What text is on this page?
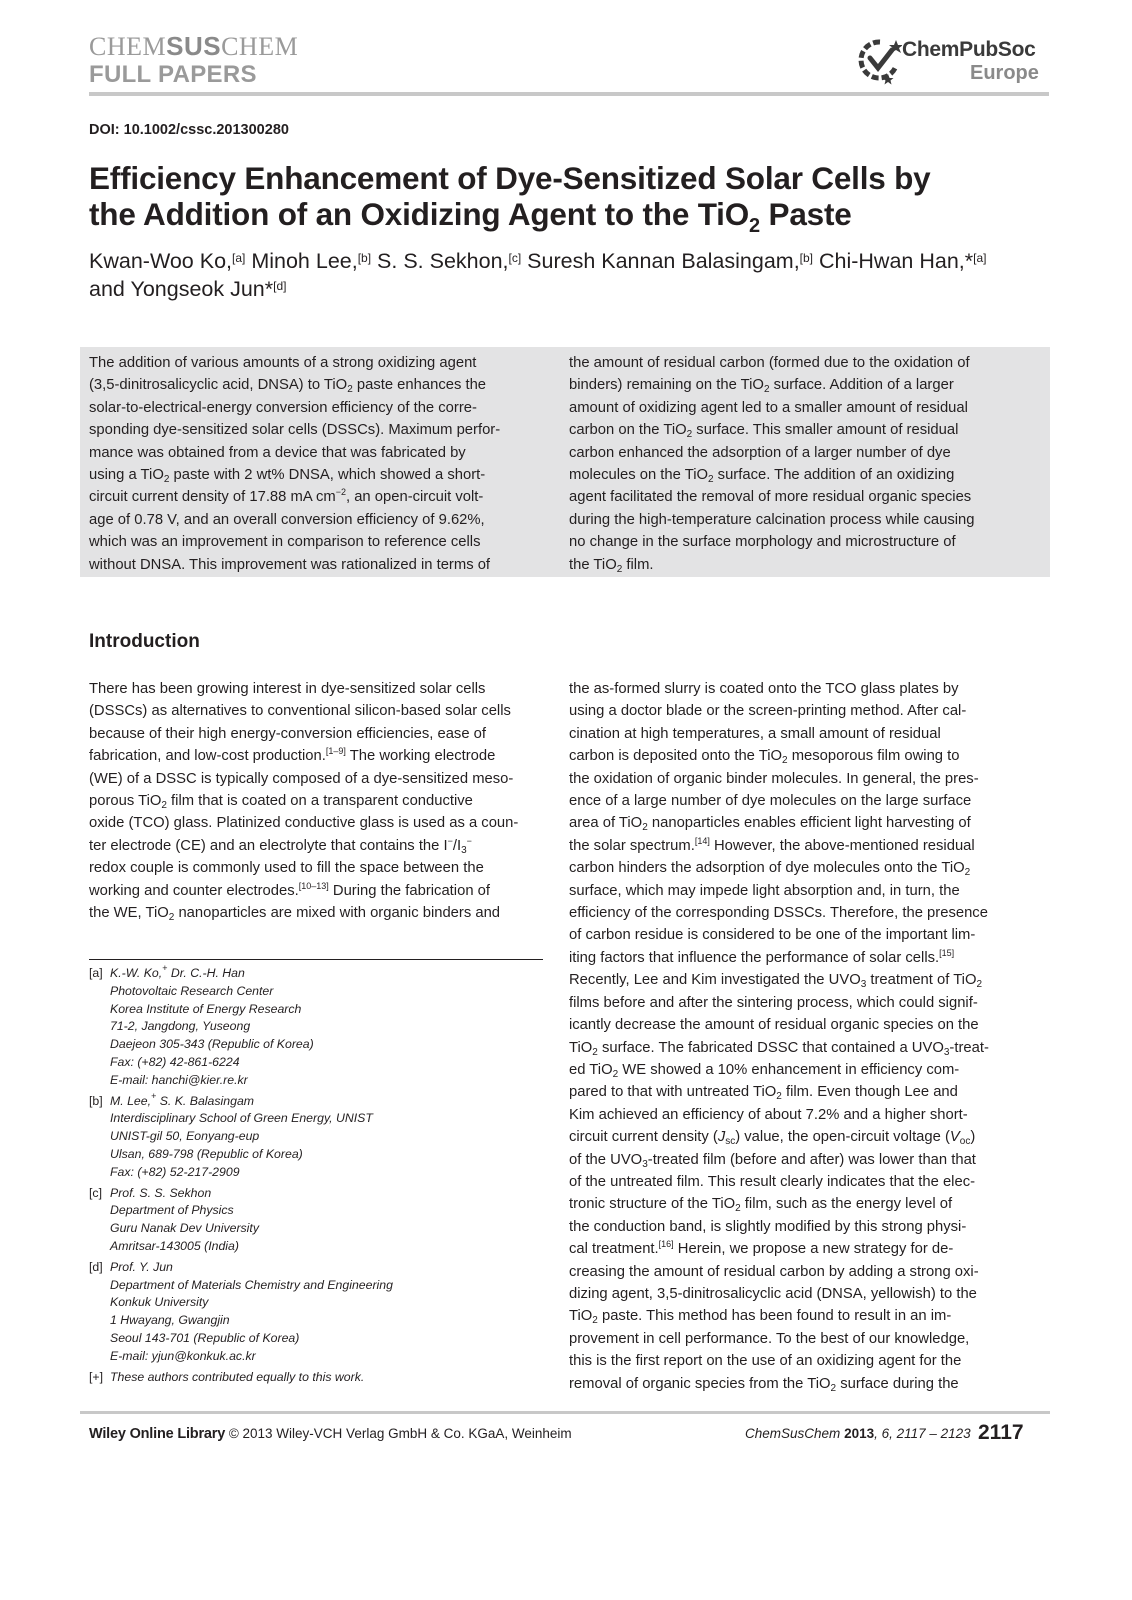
CHEMSUSCHEM
FULL PAPERS
ChemPubSoc
Europe
DOI: 10.1002/cssc.201300280
Efficiency Enhancement of Dye-Sensitized Solar Cells by
the Addition of an Oxidizing Agent to the TiO$_2$ Paste
Kwan-Woo Ko,[a] Minoh Lee,[b] S. S. Sekhon,[c] Suresh Kannan Balasingam,[b] Chi-Hwan Han,*[a]
and Yongseok Jun*[d]
The addition of various amounts of a strong oxidizing agent
(3,5-dinitrosalicyclic acid, DNSA) to TiO$_2$ paste enhances the
solar-to-electrical-energy conversion efficiency of the corre-
sponding dye-sensitized solar cells (DSSCs). Maximum perfor-
mance was obtained from a device that was fabricated by
using a TiO$_2$ paste with 2 wt% DNSA, which showed a short-
circuit current density of 17.88 mA $cm^{-2}$, an open-circuit volt-
age of 0.78 V, and an overall conversion efficiency of 9.62%,
which was an improvement in comparison to reference cells
without DNSA. This improvement was rationalized in terms of
the amount of residual carbon (formed due to the oxidation of
binders) remaining on the TiO$_2$ surface. Addition of a larger
amount of oxidizing agent led to a smaller amount of residual
carbon on the TiO$_2$ surface. This smaller amount of residual
carbon enhanced the adsorption of a larger number of dye
molecules on the TiO$_2$ surface. The addition of an oxidizing
agent facilitated the removal of more residual organic species
during the high-temperature calcination process while causing
no change in the surface morphology and microstructure of
the TiO$_2$ film.
Introduction
There has been growing interest in dye-sensitized solar cells
(DSSCs) as alternatives to conventional silicon-based solar cells
because of their high energy-conversion efficiencies, ease of
fabrication, and low-cost production.[1–9] The working electrode
(WE) of a DSSC is typically composed of a dye-sensitized meso-
porous TiO$_2$ film that is coated on a transparent conductive
oxide (TCO) glass. Platinized conductive glass is used as a coun-
ter electrode (CE) and an electrolyte that contains the $I^-/I_3^-$
redox couple is commonly used to fill the space between the
working and counter electrodes.[10–13] During the fabrication of
the WE, TiO$_2$ nanoparticles are mixed with organic binders and
[a] K.-W. Ko,+ Dr. C.-H. Han
Photovoltaic Research Center
Korea Institute of Energy Research
71-2, Jangdong, Yuseong
Daejeon 305-343 (Republic of Korea)
Fax: (+82) 42-861-6224
E-mail: hanchi@kier.re.kr
[b] M. Lee,+ S. K. Balasingam
Interdisciplinary School of Green Energy, UNIST
UNIST-gil 50, Eonyang-eup
Ulsan, 689-798 (Republic of Korea)
Fax: (+82) 52-217-2909
[c] Prof. S. S. Sekhon
Department of Physics
Guru Nanak Dev University
Amritsar-143005 (India)
[d] Prof. Y. Jun
Department of Materials Chemistry and Engineering
Konkuk University
1 Hwayang, Gwangjin
Seoul 143-701 (Republic of Korea)
E-mail: yjun@konkuk.ac.kr
[+] These authors contributed equally to this work.
the as-formed slurry is coated onto the TCO glass plates by
using a doctor blade or the screen-printing method. After cal-
cination at high temperatures, a small amount of residual
carbon is deposited onto the TiO$_2$ mesoporous film owing to
the oxidation of organic binder molecules. In general, the pres-
ence of a large number of dye molecules on the large surface
area of TiO$_2$ nanoparticles enables efficient light harvesting of
the solar spectrum.[14] However, the above-mentioned residual
carbon hinders the adsorption of dye molecules onto the TiO$_2$
surface, which may impede light absorption and, in turn, the
efficiency of the corresponding DSSCs. Therefore, the presence
of carbon residue is considered to be one of the important lim-
iting factors that influence the performance of solar cells.[15]
Recently, Lee and Kim investigated the $UVO_3$ treatment of TiO$_2$
films before and after the sintering process, which could signif-
icantly decrease the amount of residual organic species on the
TiO$_2$ surface. The fabricated DSSC that contained a $UVO_3-treat-$
ed TiO$_2$ WE showed a 10% enhancement in efficiency com-
pared to that with untreated TiO$_2$ film. Even though Lee and
Kim achieved an efficiency of about 7.2% and a higher short-
circuit current density $(J_{sc})$ value, the open-circuit voltage $(V_{oc})$
of the $UVO_3$-treated film (before and after) was lower than that
of the untreated film. This result clearly indicates that the elec-
tronic structure of the TiO$_2$ film, such as the energy level of
the conduction band, is slightly modified by this strong physi-
cal treatment.[16] Herein, we propose a new strategy for de-
creasing the amount of residual carbon by adding a strong oxi-
dizing agent, 3,5-dinitrosalicyclic acid (DNSA, yellowish) to the
TiO$_2$ paste. This method has been found to result in an im-
provement in cell performance. To the best of our knowledge,
this is the first report on the use of an oxidizing agent for the
removal of organic species from the TiO$_2$ surface during the
Wiley Online Library © 2013 Wiley-VCH Verlag GmbH & Co. KGaA, Weinheim	ChemSusChem 2013, 6, 2117 – 2123 2117
